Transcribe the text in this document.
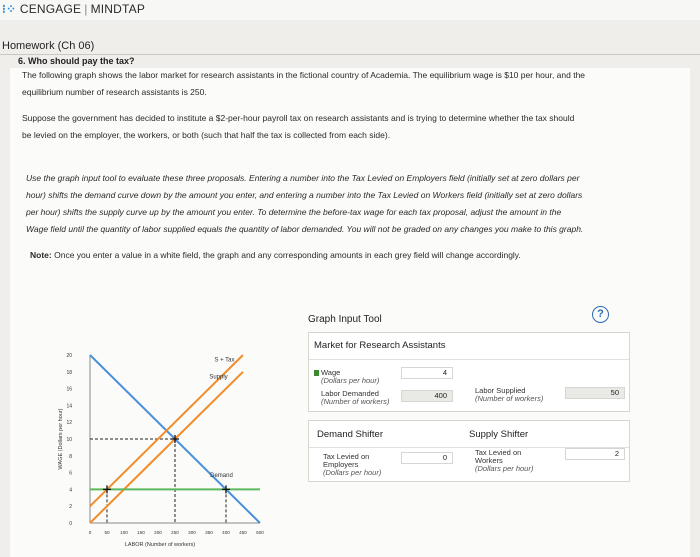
⁝⁘ CENGAGE | MINDTAP
Homework (Ch 06)
6. Who should pay the tax?
The following graph shows the labor market for research assistants in the fictional country of Academia. The equilibrium wage is $10 per hour, and the
equilibrium number of research assistants is 250.
Suppose the government has decided to institute a $2-per-hour payroll tax on research assistants and is trying to determine whether the tax should
be levied on the employer, the workers, or both (such that half the tax is collected from each side).
Use the graph input tool to evaluate these three proposals. Entering a number into the Tax Levied on Employers field (initially set at zero dollars per
hour) shifts the demand curve down by the amount you enter, and entering a number into the Tax Levied on Workers field (initially set at zero dollars
per hour) shifts the supply curve up by the amount you enter. To determine the before-tax wage for each tax proposal, adjust the amount in the
Wage field until the quantity of labor supplied equals the quantity of labor demanded. You will not be graded on any changes you make to this graph.
Note: Once you enter a value in a white field, the graph and any corresponding amounts in each grey field will change accordingly.
0
2
4
6
8
10
12
14
16
18
20
0	50 100 150 200 250 300 350 400 450 500
LABOR (Number of workers)
WAGE (Dollars per hour)
S + Tax
Supply
Demand
Graph Input Tool	?
Market for Research Assistants
Wage
(Dollars per hour)
4
Labor Demanded
(Number of workers)
400
Labor Supplied
(Number of workers)
50
Demand Shifter	Supply Shifter
Tax Levied on
Employers
(Dollars per hour)
0
Tax Levied on
Workers
(Dollars per hour)
2
